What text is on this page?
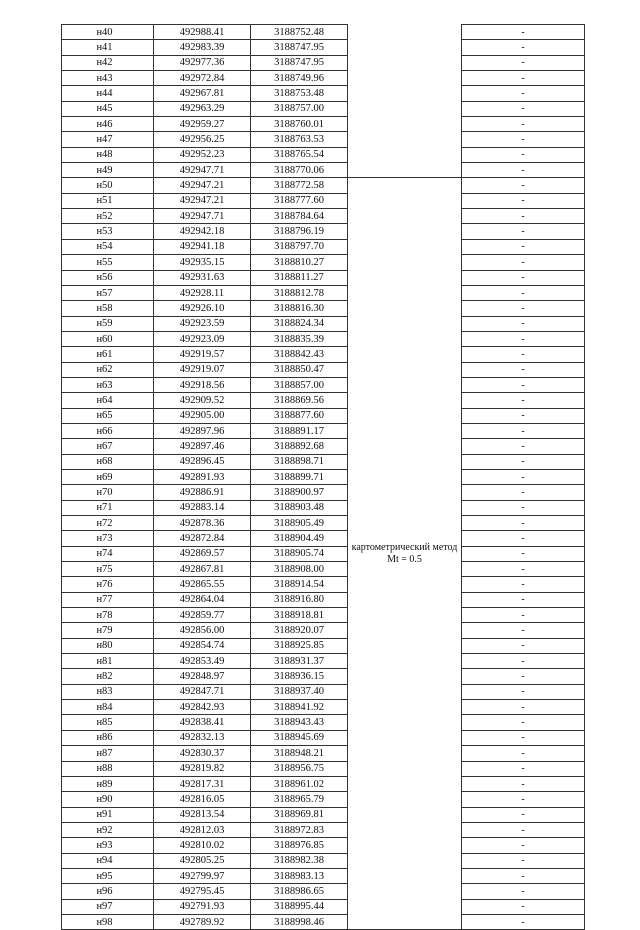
н40	492988.41	3188752.48		-
н41	492983.39	3188747.95		-
н42	492977.36	3188747.95		-
н43	492972.84	3188749.96		-
н44	492967.81	3188753.48		-
н45	492963.29	3188757.00		-
н46	492959.27	3188760.01		-
н47	492956.25	3188763.53		-
н48	492952.23	3188765.54		-
н49	492947.71	3188770.06		-
н50	492947.21	3188772.58	картометрический метод Mt = 0.5	-
н51	492947.21	3188777.60		-
н52	492947.71	3188784.64		-
н53	492942.18	3188796.19		-
н54	492941.18	3188797.70		-
н55	492935.15	3188810.27		-
н56	492931.63	3188811.27		-
н57	492928.11	3188812.78		-
н58	492926.10	3188816.30		-
н59	492923.59	3188824.34		-
н60	492923.09	3188835.39		-
н61	492919.57	3188842.43		-
н62	492919.07	3188850.47		-
н63	492918.56	3188857.00		-
н64	492909.52	3188869.56		-
н65	492905.00	3188877.60		-
н66	492897.96	3188891.17		-
н67	492897.46	3188892.68		-
н68	492896.45	3188898.71		-
н69	492891.93	3188899.71		-
н70	492886.91	3188900.97		-
н71	492883.14	3188903.48		-
н72	492878.36	3188905.49		-
н73	492872.84	3188904.49		-
н74	492869.57	3188905.74		-
н75	492867.81	3188908.00		-
н76	492865.55	3188914.54		-
н77	492864.04	3188916.80		-
н78	492859.77	3188918.81		-
н79	492856.00	3188920.07		-
н80	492854.74	3188925.85		-
н81	492853.49	3188931.37		-
н82	492848.97	3188936.15		-
н83	492847.71	3188937.40		-
н84	492842.93	3188941.92		-
н85	492838.41	3188943.43		-
н86	492832.13	3188945.69		-
н87	492830.37	3188948.21		-
н88	492819.82	3188956.75		-
н89	492817.31	3188961.02		-
н90	492816.05	3188965.79		-
н91	492813.54	3188969.81		-
н92	492812.03	3188972.83		-
н93	492810.02	3188976.85		-
н94	492805.25	3188982.38		-
н95	492799.97	3188983.13		-
н96	492795.45	3188986.65		-
н97	492791.93	3188995.44		-
н98	492789.92	3188998.46		-
